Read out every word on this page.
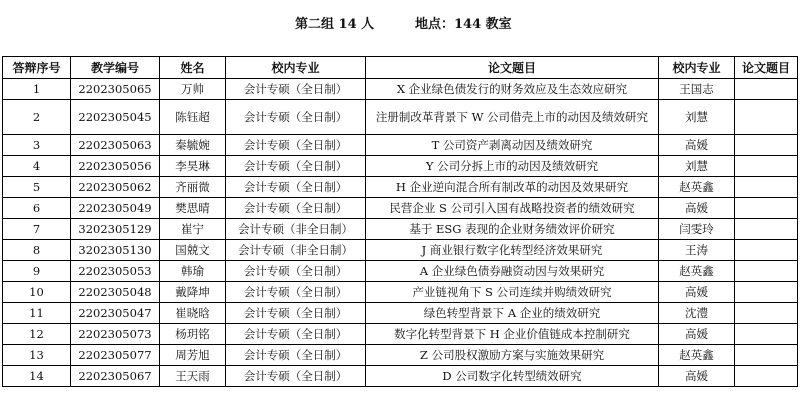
第二组 14 人	地点：144 教室
答辩序号	教学编号	姓名	校内专业	论文题目	校内专业	论文题目
1	2202305065	万帅	会计专硕（全日制）	X 企业绿色债发行的财务效应及生态效应研究	王国志	
2	2202305045	陈钰超	会计专硕（全日制）	注册制改革背景下 W 公司借壳上市的动因及绩效研究	刘慧	
3	2202305063	秦毓婉	会计专硕（全日制）	T 公司资产剥离动因及绩效研究	高媛	
4	2202305056	李昊琳	会计专硕（全日制）	Y 公司分拆上市的动因及绩效研究	刘慧	
5	2202305062	齐丽微	会计专硕（全日制）	H 企业逆向混合所有制改革的动因及效果研究	赵英鑫	
6	2202305049	樊思晴	会计专硕（全日制）	民营企业 S 公司引入国有战略投资者的绩效研究	高媛	
7	3202305129	崔宁	会计专硕（非全日制）	基于 ESG 表现的企业财务绩效评价研究	闫雯玲	
8	3202305130	国兢文	会计专硕（非全日制）	J 商业银行数字化转型经济效果研究	王涛	
9	2202305053	韩瑜	会计专硕（全日制）	A 企业绿色债券融资动因与效果研究	赵英鑫	
10	2202305048	戴降坤	会计专硕（全日制）	产业链视角下 S 公司连续并购绩效研究	高媛	
11	2202305047	崔晓晗	会计专硕（全日制）	绿色转型背景下 A 企业的绩效研究	沈澧	
12	2202305073	杨玥铭	会计专硕（全日制）	数字化转型背景下 H 企业价值链成本控制研究	高媛	
13	2202305077	周芳旭	会计专硕（全日制）	Z 公司股权激励方案与实施效果研究	赵英鑫	
14	2202305067	王天雨	会计专硕（全日制）	D 公司数字化转型绩效研究	高媛	
